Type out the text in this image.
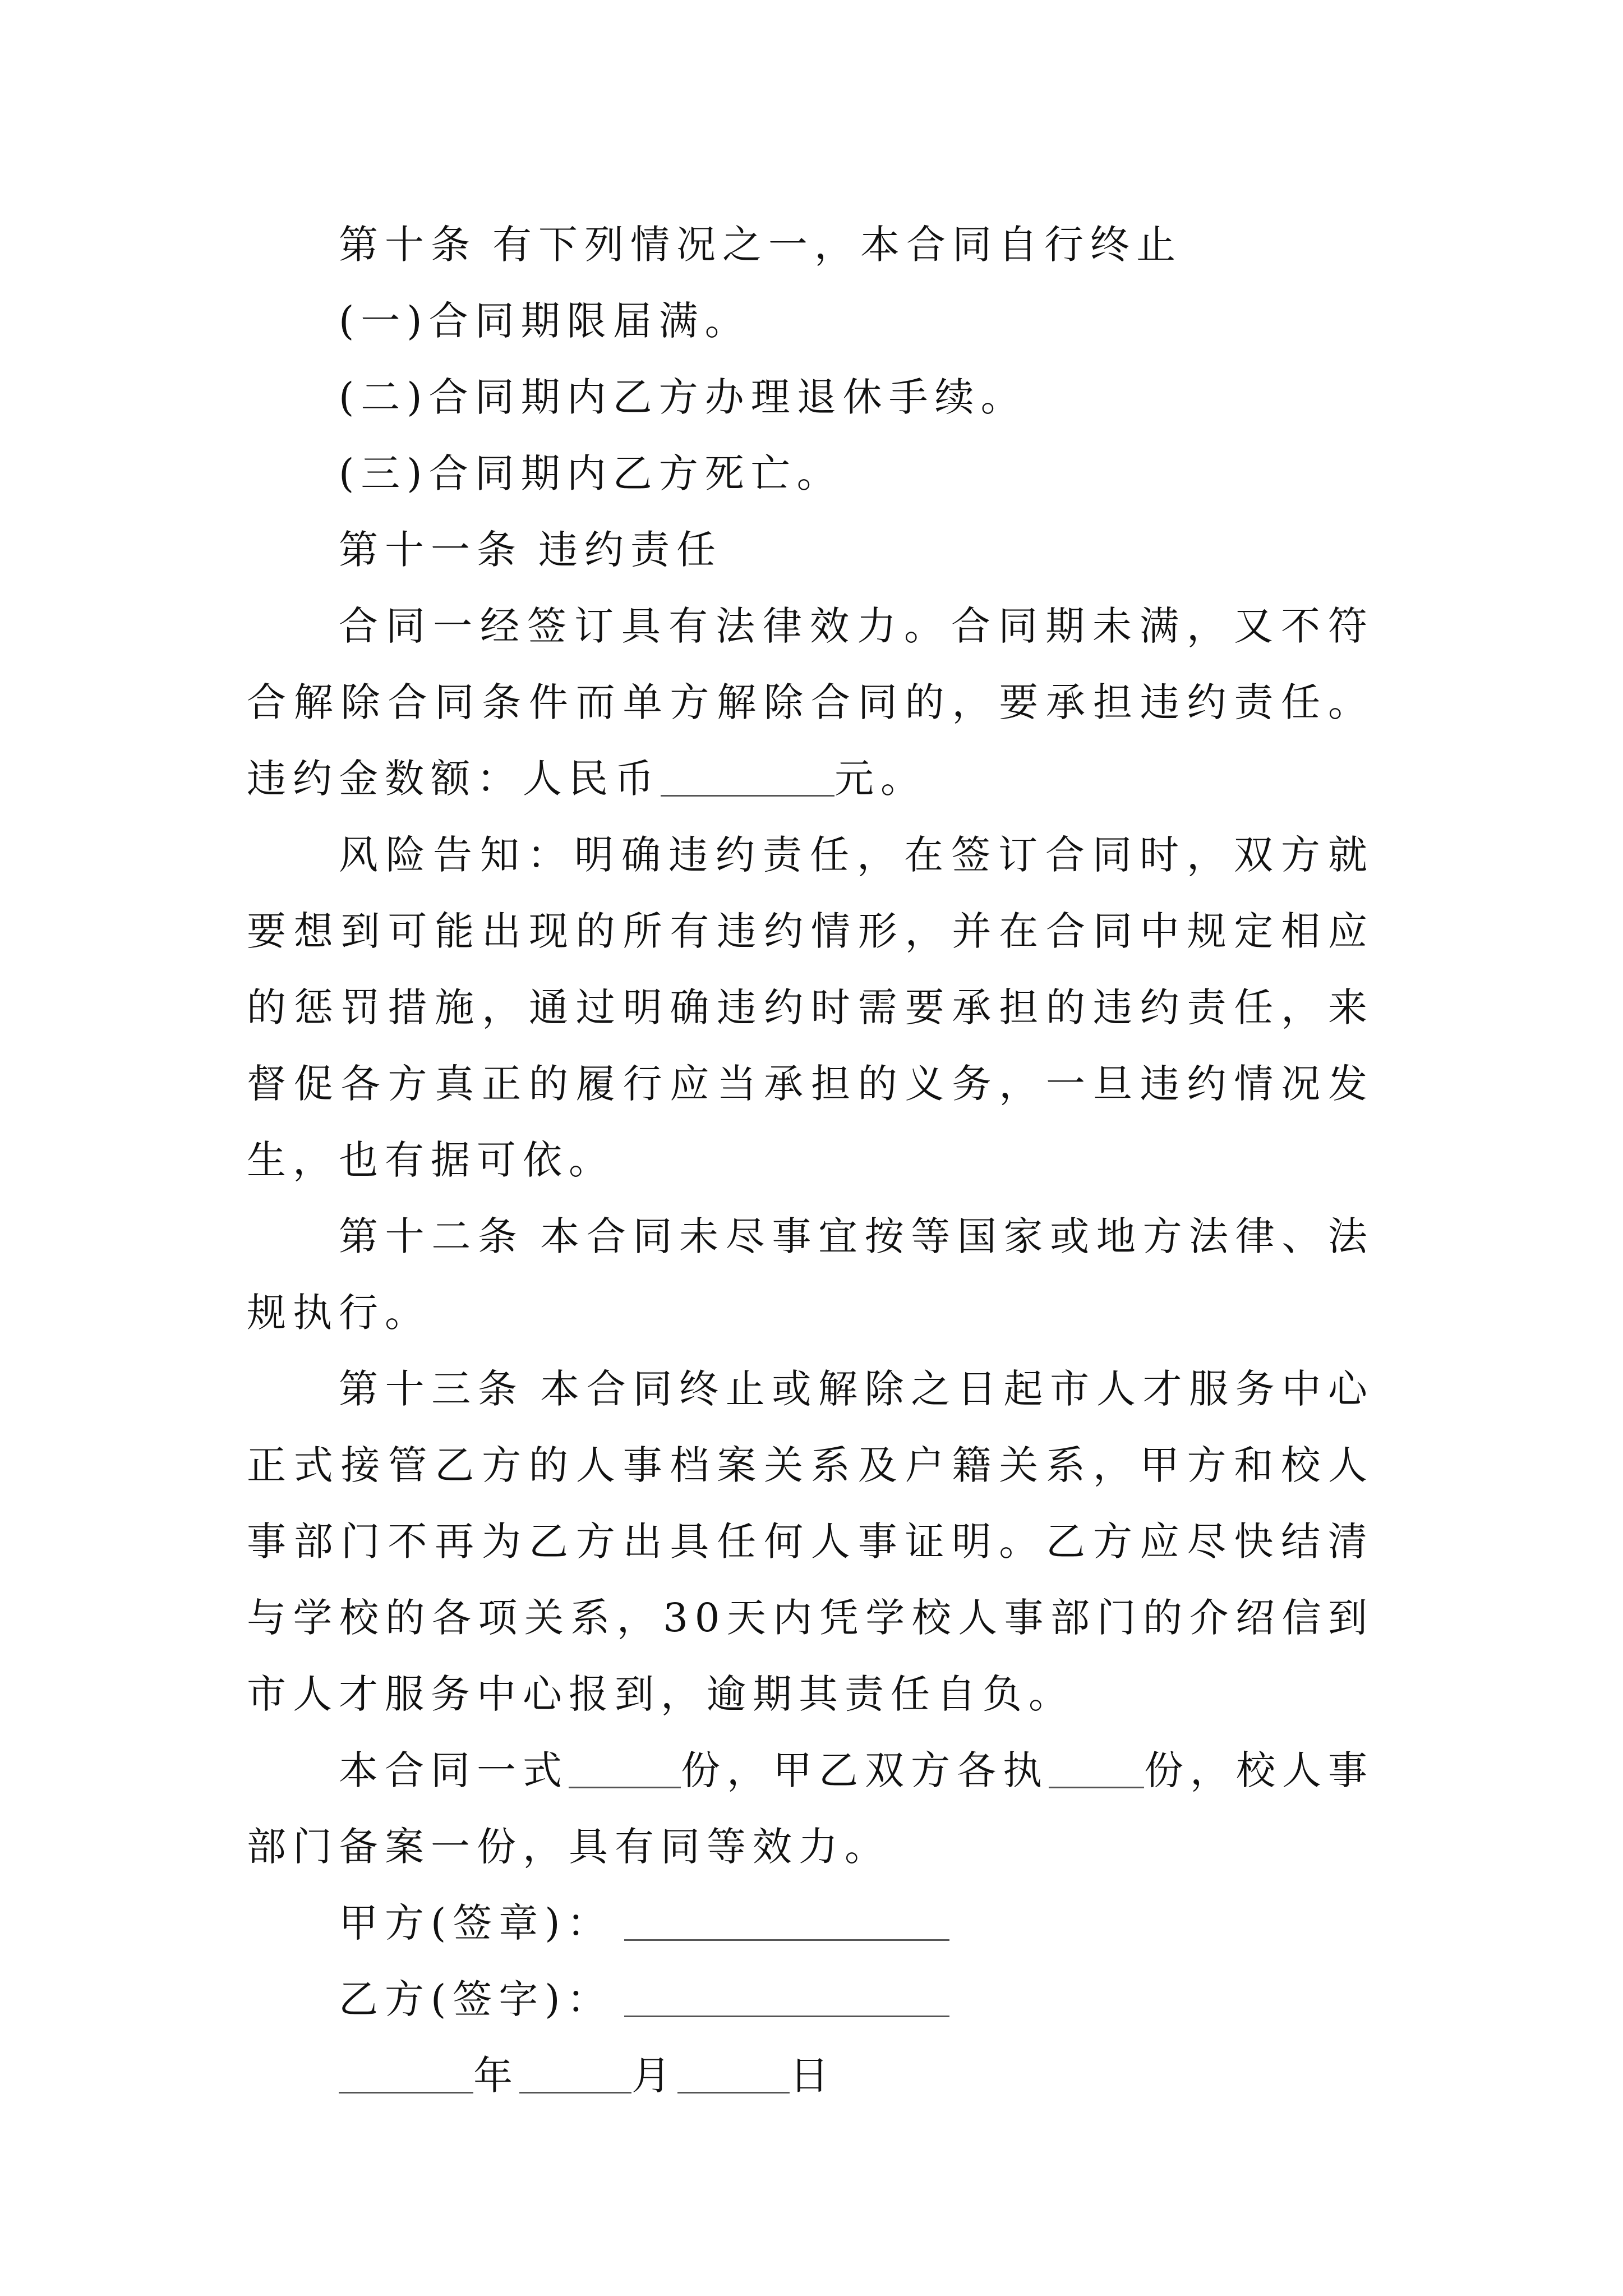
第十条 有下列情况之一，本合同自行终止

(一)合同期限届满。

(二)合同期内乙方办理退休手续。

(三)合同期内乙方死亡。

第十一条 违约责任

合同一经签订具有法律效力。合同期未满，又不符合解除合同条件而单方解除合同的，要承担违约责任。违约金数额：人民币	元。

风险告知：明确违约责任，在签订合同时，双方就要想到可能出现的所有违约情形，并在合同中规定相应的惩罚措施，通过明确违约时需要承担的违约责任，来督促各方真正的履行应当承担的义务，一旦违约情况发生，也有据可依。

第十二条 本合同未尽事宜按等国家或地方法律、法规执行。

第十三条 本合同终止或解除之日起市人才服务中心正式接管乙方的人事档案关系及户籍关系，甲方和校人事部门不再为乙方出具任何人事证明。乙方应尽快结清与学校的各项关系，30天内凭学校人事部门的介绍信到市人才服务中心报到，逾期其责任自负。

本合同一式	份，甲乙双方各执 份，校人事部门备案一份，具有同等效力。

甲方(签章)：

乙方(签字)：

年	月	日
